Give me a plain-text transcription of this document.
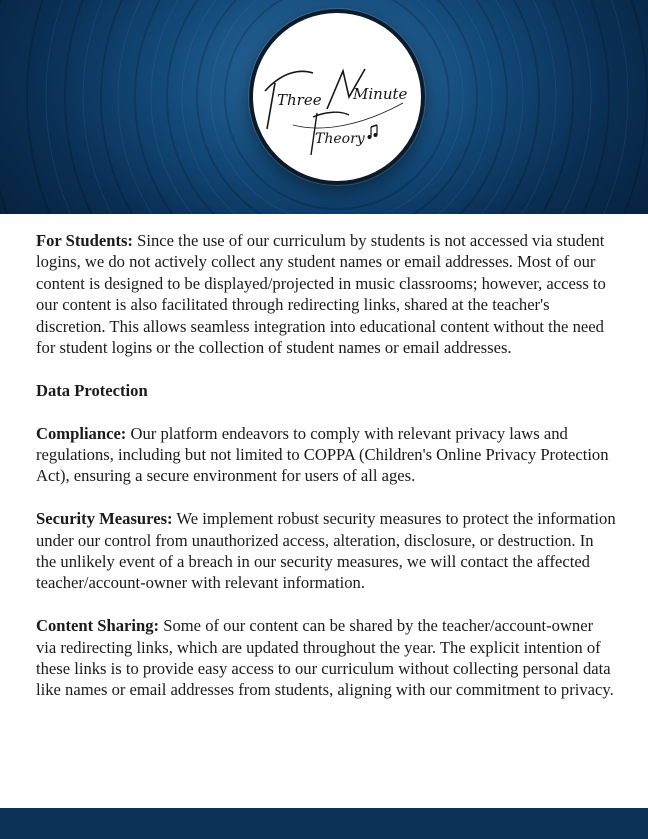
Three Minute
Theory

For Students: Since the use of our curriculum by students is not accessed via student logins, we do not actively collect any student names or email addresses. Most of our content is designed to be displayed/projected in music classrooms; however, access to our content is also facilitated through redirecting links, shared at the teacher's discretion. This allows seamless integration into educational content without the need for student logins or the collection of student names or email addresses.

Data Protection

Compliance: Our platform endeavors to comply with relevant privacy laws and regulations, including but not limited to COPPA (Children's Online Privacy Protection Act), ensuring a secure environment for users of all ages.

Security Measures: We implement robust security measures to protect the information under our control from unauthorized access, alteration, disclosure, or destruction. In the unlikely event of a breach in our security measures, we will contact the affected teacher/account-owner with relevant information.

Content Sharing: Some of our content can be shared by the teacher/account-owner via redirecting links, which are updated throughout the year. The explicit intention of these links is to provide easy access to our curriculum without collecting personal data like names or email addresses from students, aligning with our commitment to privacy.
